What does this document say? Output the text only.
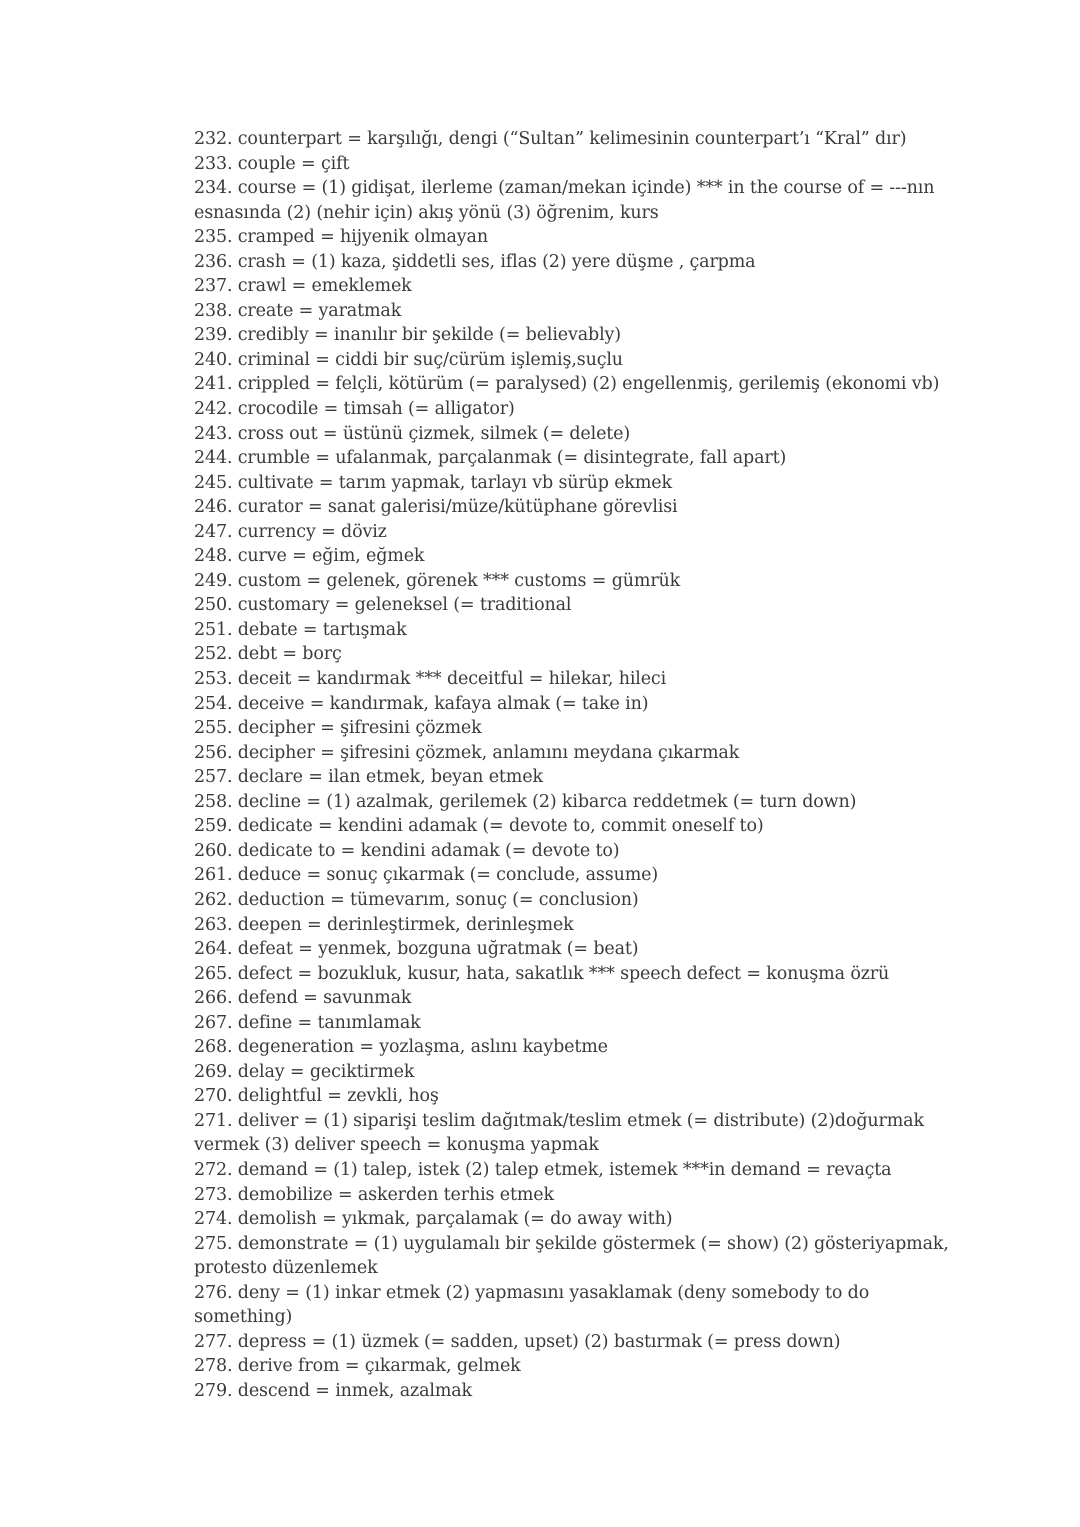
232. counterpart = karşılığı, dengi (“Sultan” kelimesinin counterpart’ı “Kral” dır)
233. couple = çift
234. course = (1) gidişat, ilerleme (zaman/mekan içinde) *** in the course of = ---nın esnasında (2) (nehir için) akış yönü (3) öğrenim, kurs
235. cramped = hijyenik olmayan
236. crash = (1) kaza, şiddetli ses, iflas (2) yere düşme , çarpma
237. crawl = emeklemek
238. create = yaratmak
239. credibly = inanılır bir şekilde (= believably)
240. criminal = ciddi bir suç/cürüm işlemiş,suçlu
241. crippled = felçli, kötürüm (= paralysed) (2) engellenmiş, gerilemiş (ekonomi vb)
242. crocodile = timsah (= alligator)
243. cross out = üstünü çizmek, silmek (= delete)
244. crumble = ufalanmak, parçalanmak (= disintegrate, fall apart)
245. cultivate = tarım yapmak, tarlayı vb sürüp ekmek
246. curator = sanat galerisi/müze/kütüphane görevlisi
247. currency = döviz
248. curve = eğim, eğmek
249. custom = gelenek, görenek *** customs = gümrük
250. customary = geleneksel (= traditional
251. debate = tartışmak
252. debt = borç
253. deceit = kandırmak *** deceitful = hilekar, hileci
254. deceive = kandırmak, kafaya almak (= take in)
255. decipher = şifresini çözmek
256. decipher = şifresini çözmek, anlamını meydana çıkarmak
257. declare = ilan etmek, beyan etmek
258. decline = (1) azalmak, gerilemek (2) kibarca reddetmek (= turn down)
259. dedicate = kendini adamak (= devote to, commit oneself to)
260. dedicate to = kendini adamak (= devote to)
261. deduce = sonuç çıkarmak (= conclude, assume)
262. deduction = tümevarım, sonuç (= conclusion)
263. deepen = derinleştirmek, derinleşmek
264. defeat = yenmek, bozguna uğratmak (= beat)
265. defect = bozukluk, kusur, hata, sakatlık *** speech defect = konuşma özrü
266. defend = savunmak
267. define = tanımlamak
268. degeneration = yozlaşma, aslını kaybetme
269. delay = geciktirmek
270. delightful = zevkli, hoş
271. deliver = (1) siparişi teslim dağıtmak/teslim etmek (= distribute) (2)doğurmak vermek (3) deliver speech = konuşma yapmak
272. demand = (1) talep, istek (2) talep etmek, istemek ***in demand = revaçta
273. demobilize = askerden terhis etmek
274. demolish = yıkmak, parçalamak (= do away with)
275. demonstrate = (1) uygulamalı bir şekilde göstermek (= show) (2) gösteriyapmak, protesto düzenlemek
276. deny = (1) inkar etmek (2) yapmasını yasaklamak (deny somebody to do something)
277. depress = (1) üzmek (= sadden, upset) (2) bastırmak (= press down)
278. derive from = çıkarmak, gelmek
279. descend = inmek, azalmak
